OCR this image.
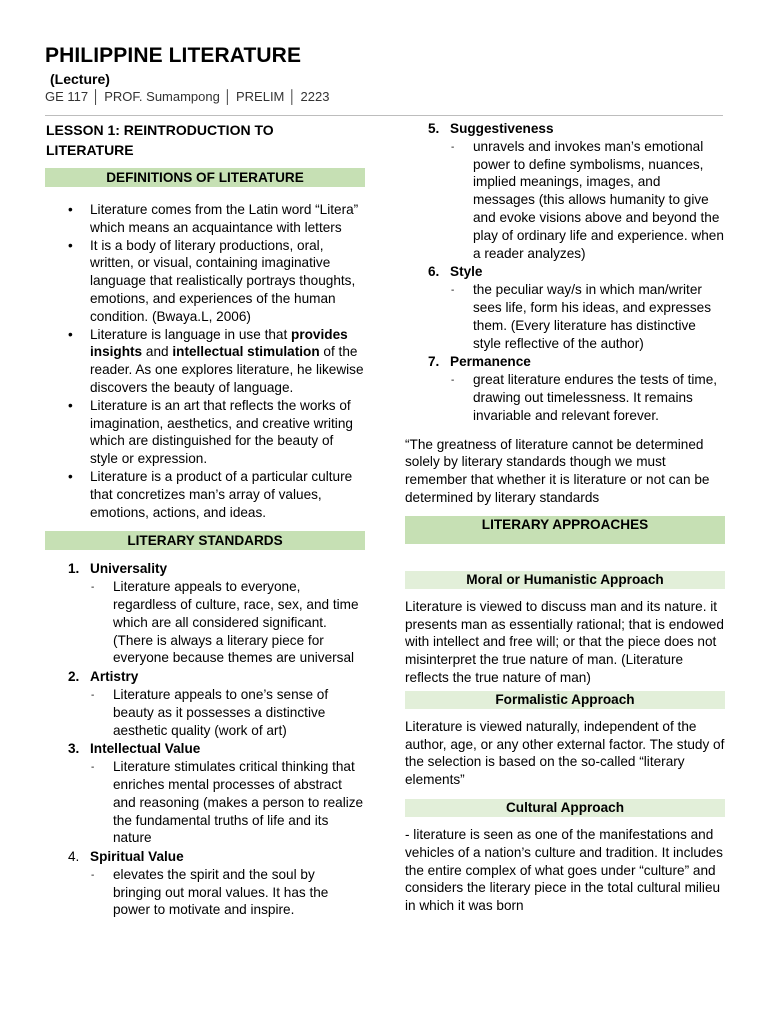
PHILIPPINE LITERATURE
(Lecture)
GE 117 │ PROF. Sumampong │ PRELIM │ 2223
LESSON 1: REINTRODUCTION TO LITERATURE
DEFINITIONS OF LITERATURE
• Literature comes from the Latin word “Litera” which means an acquaintance with letters
• It is a body of literary productions, oral, written, or visual, containing imaginative language that realistically portrays thoughts, emotions, and experiences of the human condition. (Bwaya.L, 2006)
• Literature is language in use that provides insights and intellectual stimulation of the reader. As one explores literature, he likewise discovers the beauty of language.
• Literature is an art that reflects the works of imagination, aesthetics, and creative writing which are distinguished for the beauty of style or expression.
• Literature is a product of a particular culture that concretizes man’s array of values, emotions, actions, and ideas.
LITERARY STANDARDS
1. Universality
- Literature appeals to everyone, regardless of culture, race, sex, and time which are all considered significant. (There is always a literary piece for everyone because themes are universal
2. Artistry
- Literature appeals to one’s sense of beauty as it possesses a distinctive aesthetic quality (work of art)
3. Intellectual Value
- Literature stimulates critical thinking that enriches mental processes of abstract and reasoning (makes a person to realize the fundamental truths of life and its nature
4. Spiritual Value
- elevates the spirit and the soul by bringing out moral values. It has the power to motivate and inspire.
5. Suggestiveness
- unravels and invokes man’s emotional power to define symbolisms, nuances, implied meanings, images, and messages (this allows humanity to give and evoke visions above and beyond the play of ordinary life and experience. when a reader analyzes)
6. Style
- the peculiar way/s in which man/writer sees life, form his ideas, and expresses them. (Every literature has distinctive style reflective of the author)
7. Permanence
- great literature endures the tests of time, drawing out timelessness. It remains invariable and relevant forever.

“The greatness of literature cannot be determined solely by literary standards though we must remember that whether it is literature or not can be determined by literary standards

LITERARY APPROACHES
Moral or Humanistic Approach

Literature is viewed to discuss man and its nature. it presents man as essentially rational; that is endowed with intellect and free will; or that the piece does not misinterpret the true nature of man. (Literature reflects the true nature of man)

Formalistic Approach

Literature is viewed naturally, independent of the author, age, or any other external factor. The study of the selection is based on the so-called “literary elements”

Cultural Approach

- literature is seen as one of the manifestations and vehicles of a nation’s culture and tradition. It includes the entire complex of what goes under “culture” and considers the literary piece in the total cultural milieu in which it was born
